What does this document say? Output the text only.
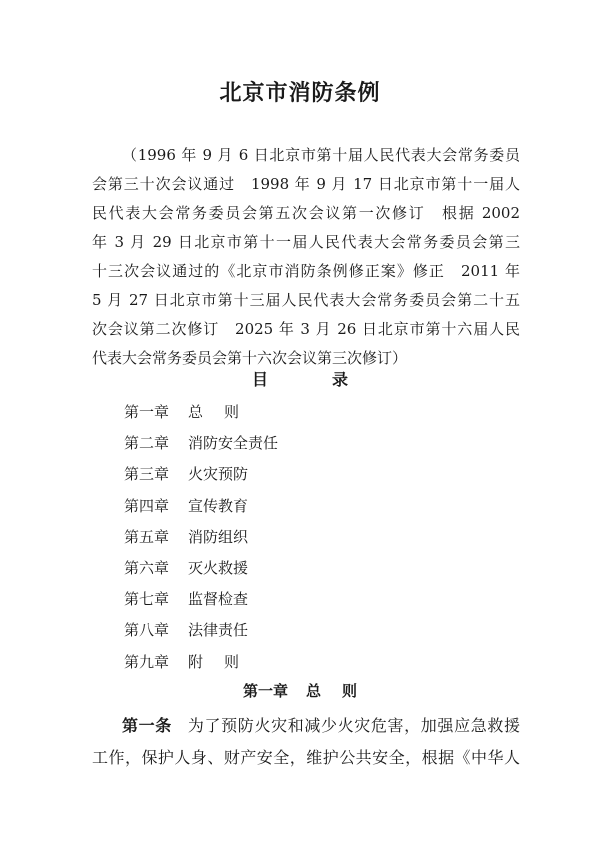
北京市消防条例
（1996 年 9 月 6 日北京市第十届人民代表大会常务委员
会第三十次会议通过　1998 年 9 月 17 日北京市第十一届人
民代表大会常务委员会第五次会议第一次修订　根据 2002
年 3 月 29 日北京市第十一届人民代表大会常务委员会第三
十三次会议通过的《北京市消防条例修正案》修正　2011 年
5 月 27 日北京市第十三届人民代表大会常务委员会第二十五
次会议第二次修订　2025 年 3 月 26 日北京市第十六届人民
代表大会常务委员会第十六次会议第三次修订）
目	录
第一章 总则
第二章 消防安全责任
第三章 火灾预防
第四章 宣传教育
第五章 消防组织
第六章 灭火救援
第七章 监督检查
第八章 法律责任
第九章 附则
第一章 总则
第一条 为了预防火灾和减少火灾危害，加强应急救援
工作，保护人身、财产安全，维护公共安全，根据《中华人
